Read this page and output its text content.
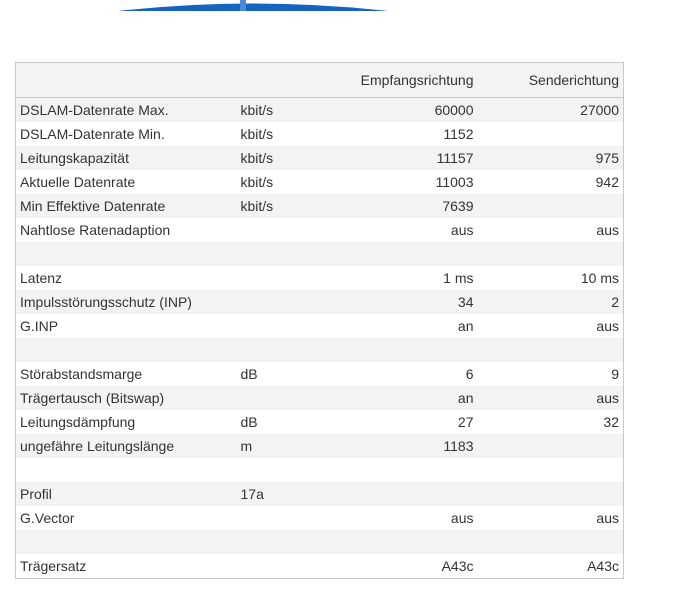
		Empfangsrichtung	Senderichtung
DSLAM-Datenrate Max.	kbit/s	60000	27000
DSLAM-Datenrate Min.	kbit/s	1152	
Leitungskapazität	kbit/s	11157	975
Aktuelle Datenrate	kbit/s	11003	942
Min Effektive Datenrate	kbit/s	7639	
Nahtlose Ratenadaption		aus	aus

Latenz		1 ms	10 ms
Impulsstörungsschutz (INP)		34	2
G.INP		an	aus

Störabstandsmarge	dB	6	9
Trägertausch (Bitswap)		an	aus
Leitungsdämpfung	dB	27	32
ungefähre Leitungslänge	m	1183	

Profil	17a		
G.Vector		aus	aus

Trägersatz		A43c	A43c
